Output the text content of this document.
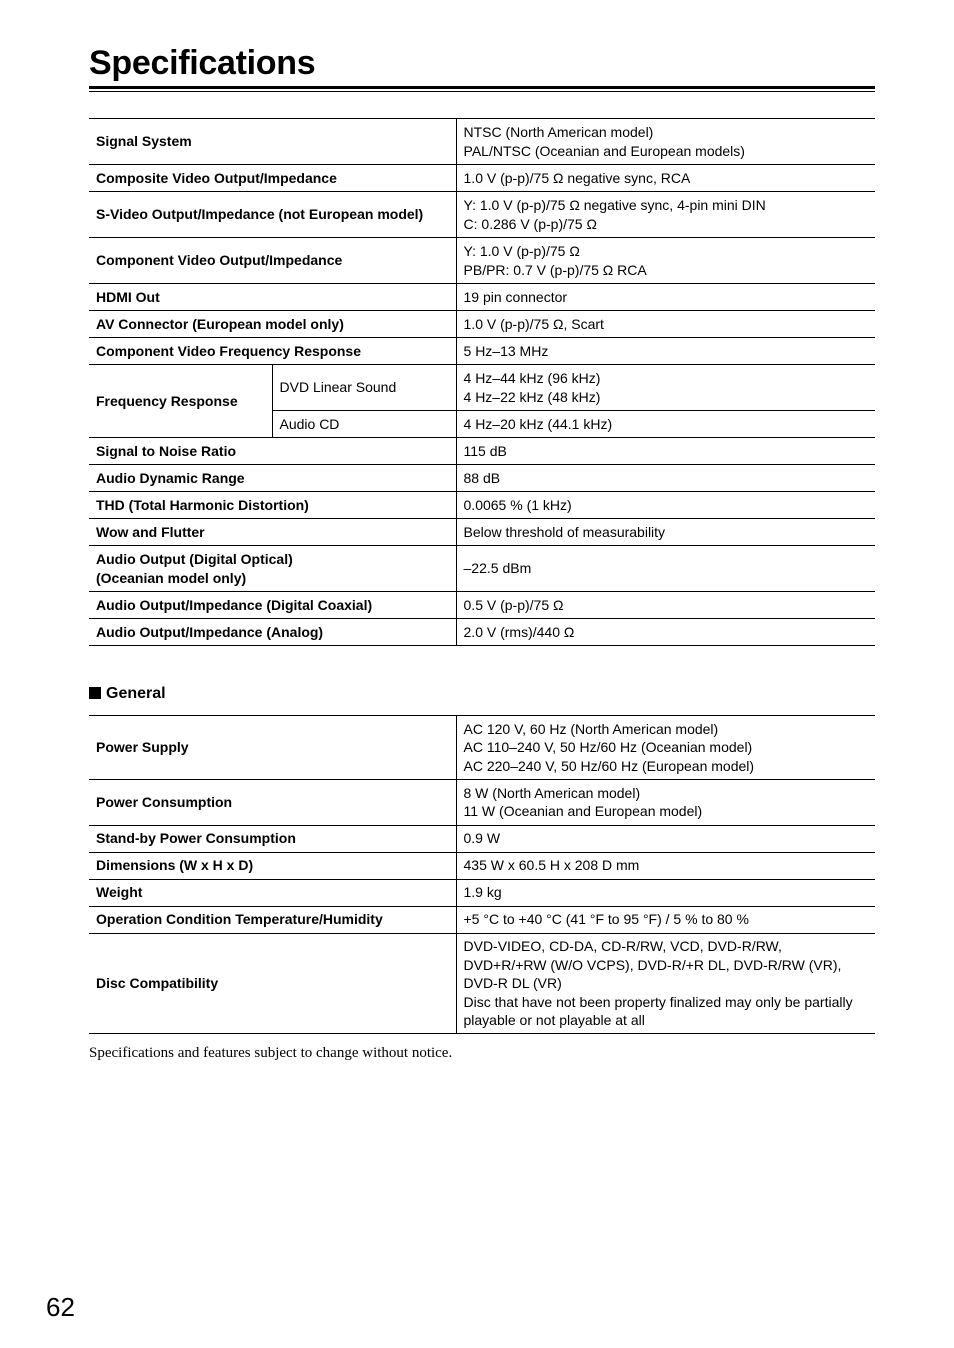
Specifications
Signal System		NTSC (North American model)
PAL/NTSC (Oceanian and European models)

Composite Video Output/Impedance		1.0 V (p-p)/75 Ω negative sync, RCA

S-Video Output/Impedance (not European model)		Y: 1.0 V (p-p)/75 Ω negative sync, 4-pin mini DIN
C: 0.286 V (p-p)/75 Ω

Component Video Output/Impedance		Y: 1.0 V (p-p)/75 Ω
PB/PR: 0.7 V (p-p)/75 Ω RCA

HDMI Out		19 pin connector

AV Connector (European model only)		1.0 V (p-p)/75 Ω, Scart

Component Video Frequency Response		5 Hz–13 MHz

Frequency Response	DVD Linear Sound	4 Hz–44 kHz (96 kHz)
4 Hz–22 kHz (48 kHz)

	Audio CD	4 Hz–20 kHz (44.1 kHz)

Signal to Noise Ratio		115 dB

Audio Dynamic Range		88 dB

THD (Total Harmonic Distortion)		0.0065 % (1 kHz)

Wow and Flutter		Below threshold of measurability

Audio Output (Digital Optical)
(Oceanian model only)		–22.5 dBm

Audio Output/Impedance (Digital Coaxial)		0.5 V (p-p)/75 Ω

Audio Output/Impedance (Analog)		2.0 V (rms)/440 Ω
General
Power Supply	AC 120 V, 60 Hz (North American model)
AC 110–240 V, 50 Hz/60 Hz (Oceanian model)
AC 220–240 V, 50 Hz/60 Hz (European model)

Power Consumption	8 W (North American model)
11 W (Oceanian and European model)

Stand-by Power Consumption	0.9 W

Dimensions (W x H x D)	435 W x 60.5 H x 208 D mm

Weight	1.9 kg

Operation Condition Temperature/Humidity	+5 °C to +40 °C (41 °F to 95 °F) / 5 % to 80 %

Disc Compatibility	DVD-VIDEO, CD-DA, CD-R/RW, VCD, DVD-R/RW,
DVD+R/+RW (W/O VCPS), DVD-R/+R DL, DVD-R/RW (VR),
DVD-R DL (VR)
Disc that have not been property finalized may only be partially
playable or not playable at all
Specifications and features subject to change without notice.
62
